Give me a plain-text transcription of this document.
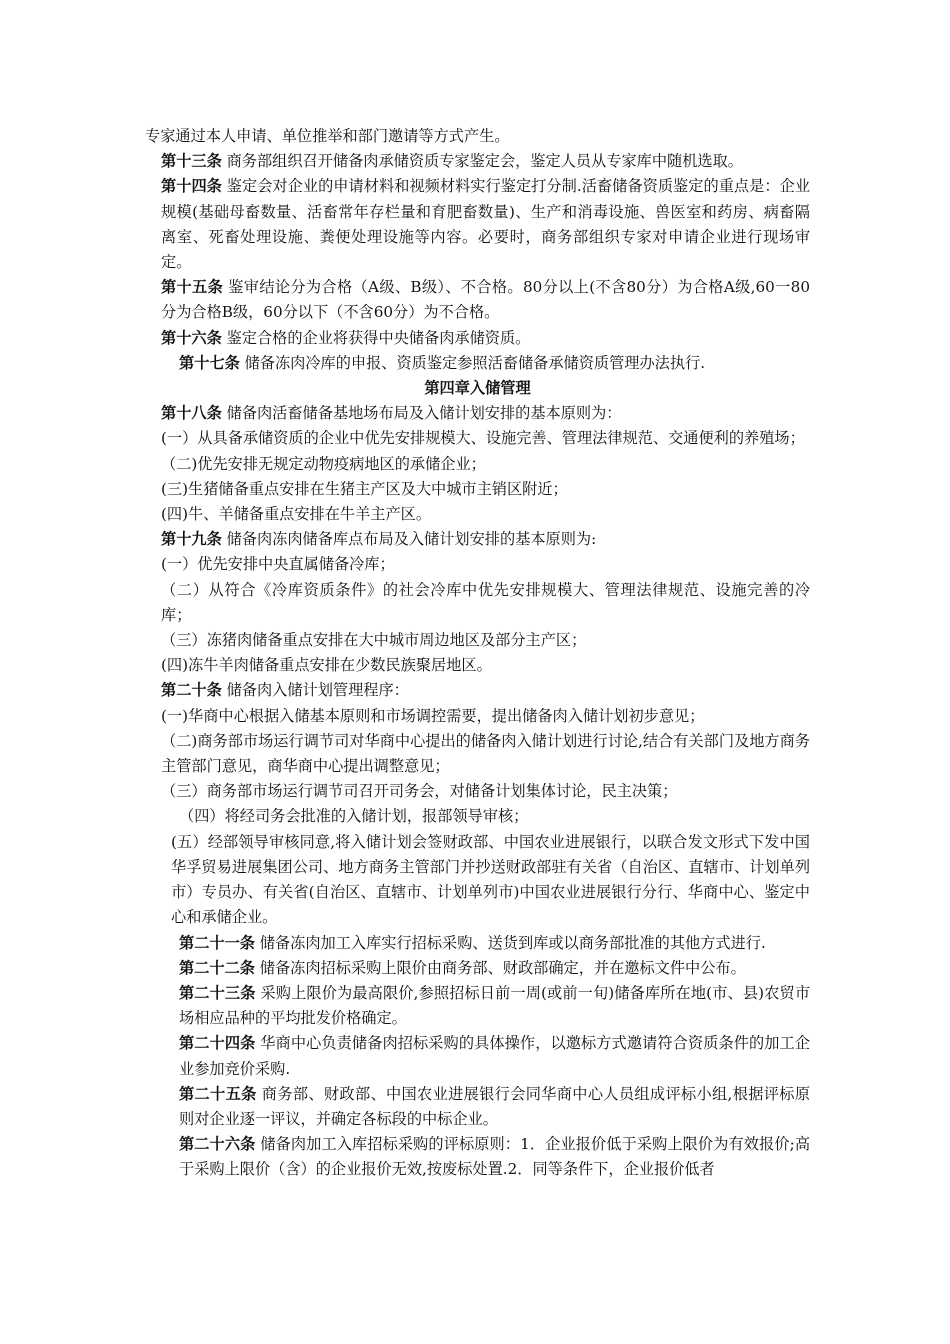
专家通过本人申请、单位推举和部门邀请等方式产生。

第十三条 商务部组织召开储备肉承储资质专家鉴定会，鉴定人员从专家库中随机选取。

第十四条 鉴定会对企业的申请材料和视频材料实行鉴定打分制.活畜储备资质鉴定的重点是：企业规模(基础母畜数量、活畜常年存栏量和育肥畜数量)、生产和消毒设施、兽医室和药房、病畜隔离室、死畜处理设施、粪便处理设施等内容。必要时，商务部组织专家对申请企业进行现场审定。

第十五条 鉴审结论分为合格（A级、B级）、不合格。80分以上(不含80分）为合格A级,60一80分为合格B级，60分以下（不含60分）为不合格。

第十六条 鉴定合格的企业将获得中央储备肉承储资质。

第十七条 储备冻肉冷库的申报、资质鉴定参照活畜储备承储资质管理办法执行.

第四章入储管理

第十八条 储备肉活畜储备基地场布局及入储计划安排的基本原则为：

(一）从具备承储资质的企业中优先安排规模大、设施完善、管理法律规范、交通便利的养殖场；

（二)优先安排无规定动物疫病地区的承储企业；

(三)生猪储备重点安排在生猪主产区及大中城市主销区附近；

(四)牛、羊储备重点安排在牛羊主产区。

第十九条 储备肉冻肉储备库点布局及入储计划安排的基本原则为:

(一）优先安排中央直属储备冷库；

（二）从符合《冷库资质条件》的社会冷库中优先安排规模大、管理法律规范、设施完善的冷库；

（三）冻猪肉储备重点安排在大中城市周边地区及部分主产区；

(四)冻牛羊肉储备重点安排在少数民族聚居地区。

第二十条 储备肉入储计划管理程序：

(一)华商中心根据入储基本原则和市场调控需要，提出储备肉入储计划初步意见；

（二)商务部市场运行调节司对华商中心提出的储备肉入储计划进行讨论,结合有关部门及地方商务主管部门意见，商华商中心提出调整意见；

（三）商务部市场运行调节司召开司务会，对储备计划集体讨论，民主决策；

（四）将经司务会批准的入储计划，报部领导审核；

(五）经部领导审核同意,将入储计划会签财政部、中国农业进展银行，以联合发文形式下发中国华孚贸易进展集团公司、地方商务主管部门并抄送财政部驻有关省（自治区、直辖市、计划单列市）专员办、有关省(自治区、直辖市、计划单列市)中国农业进展银行分行、华商中心、鉴定中心和承储企业。

第二十一条 储备冻肉加工入库实行招标采购、送货到库或以商务部批准的其他方式进行.

第二十二条 储备冻肉招标采购上限价由商务部、财政部确定，并在邀标文件中公布。

第二十三条 采购上限价为最高限价,参照招标日前一周(或前一旬)储备库所在地(市、县)农贸市场相应品种的平均批发价格确定。

第二十四条 华商中心负责储备肉招标采购的具体操作，以邀标方式邀请符合资质条件的加工企业参加竞价采购.

第二十五条 商务部、财政部、中国农业进展银行会同华商中心人员组成评标小组,根据评标原则对企业逐一评议，并确定各标段的中标企业。

第二十六条 储备肉加工入库招标采购的评标原则：1．企业报价低于采购上限价为有效报价;高于采购上限价（含）的企业报价无效,按废标处置.2．同等条件下，企业报价低者
